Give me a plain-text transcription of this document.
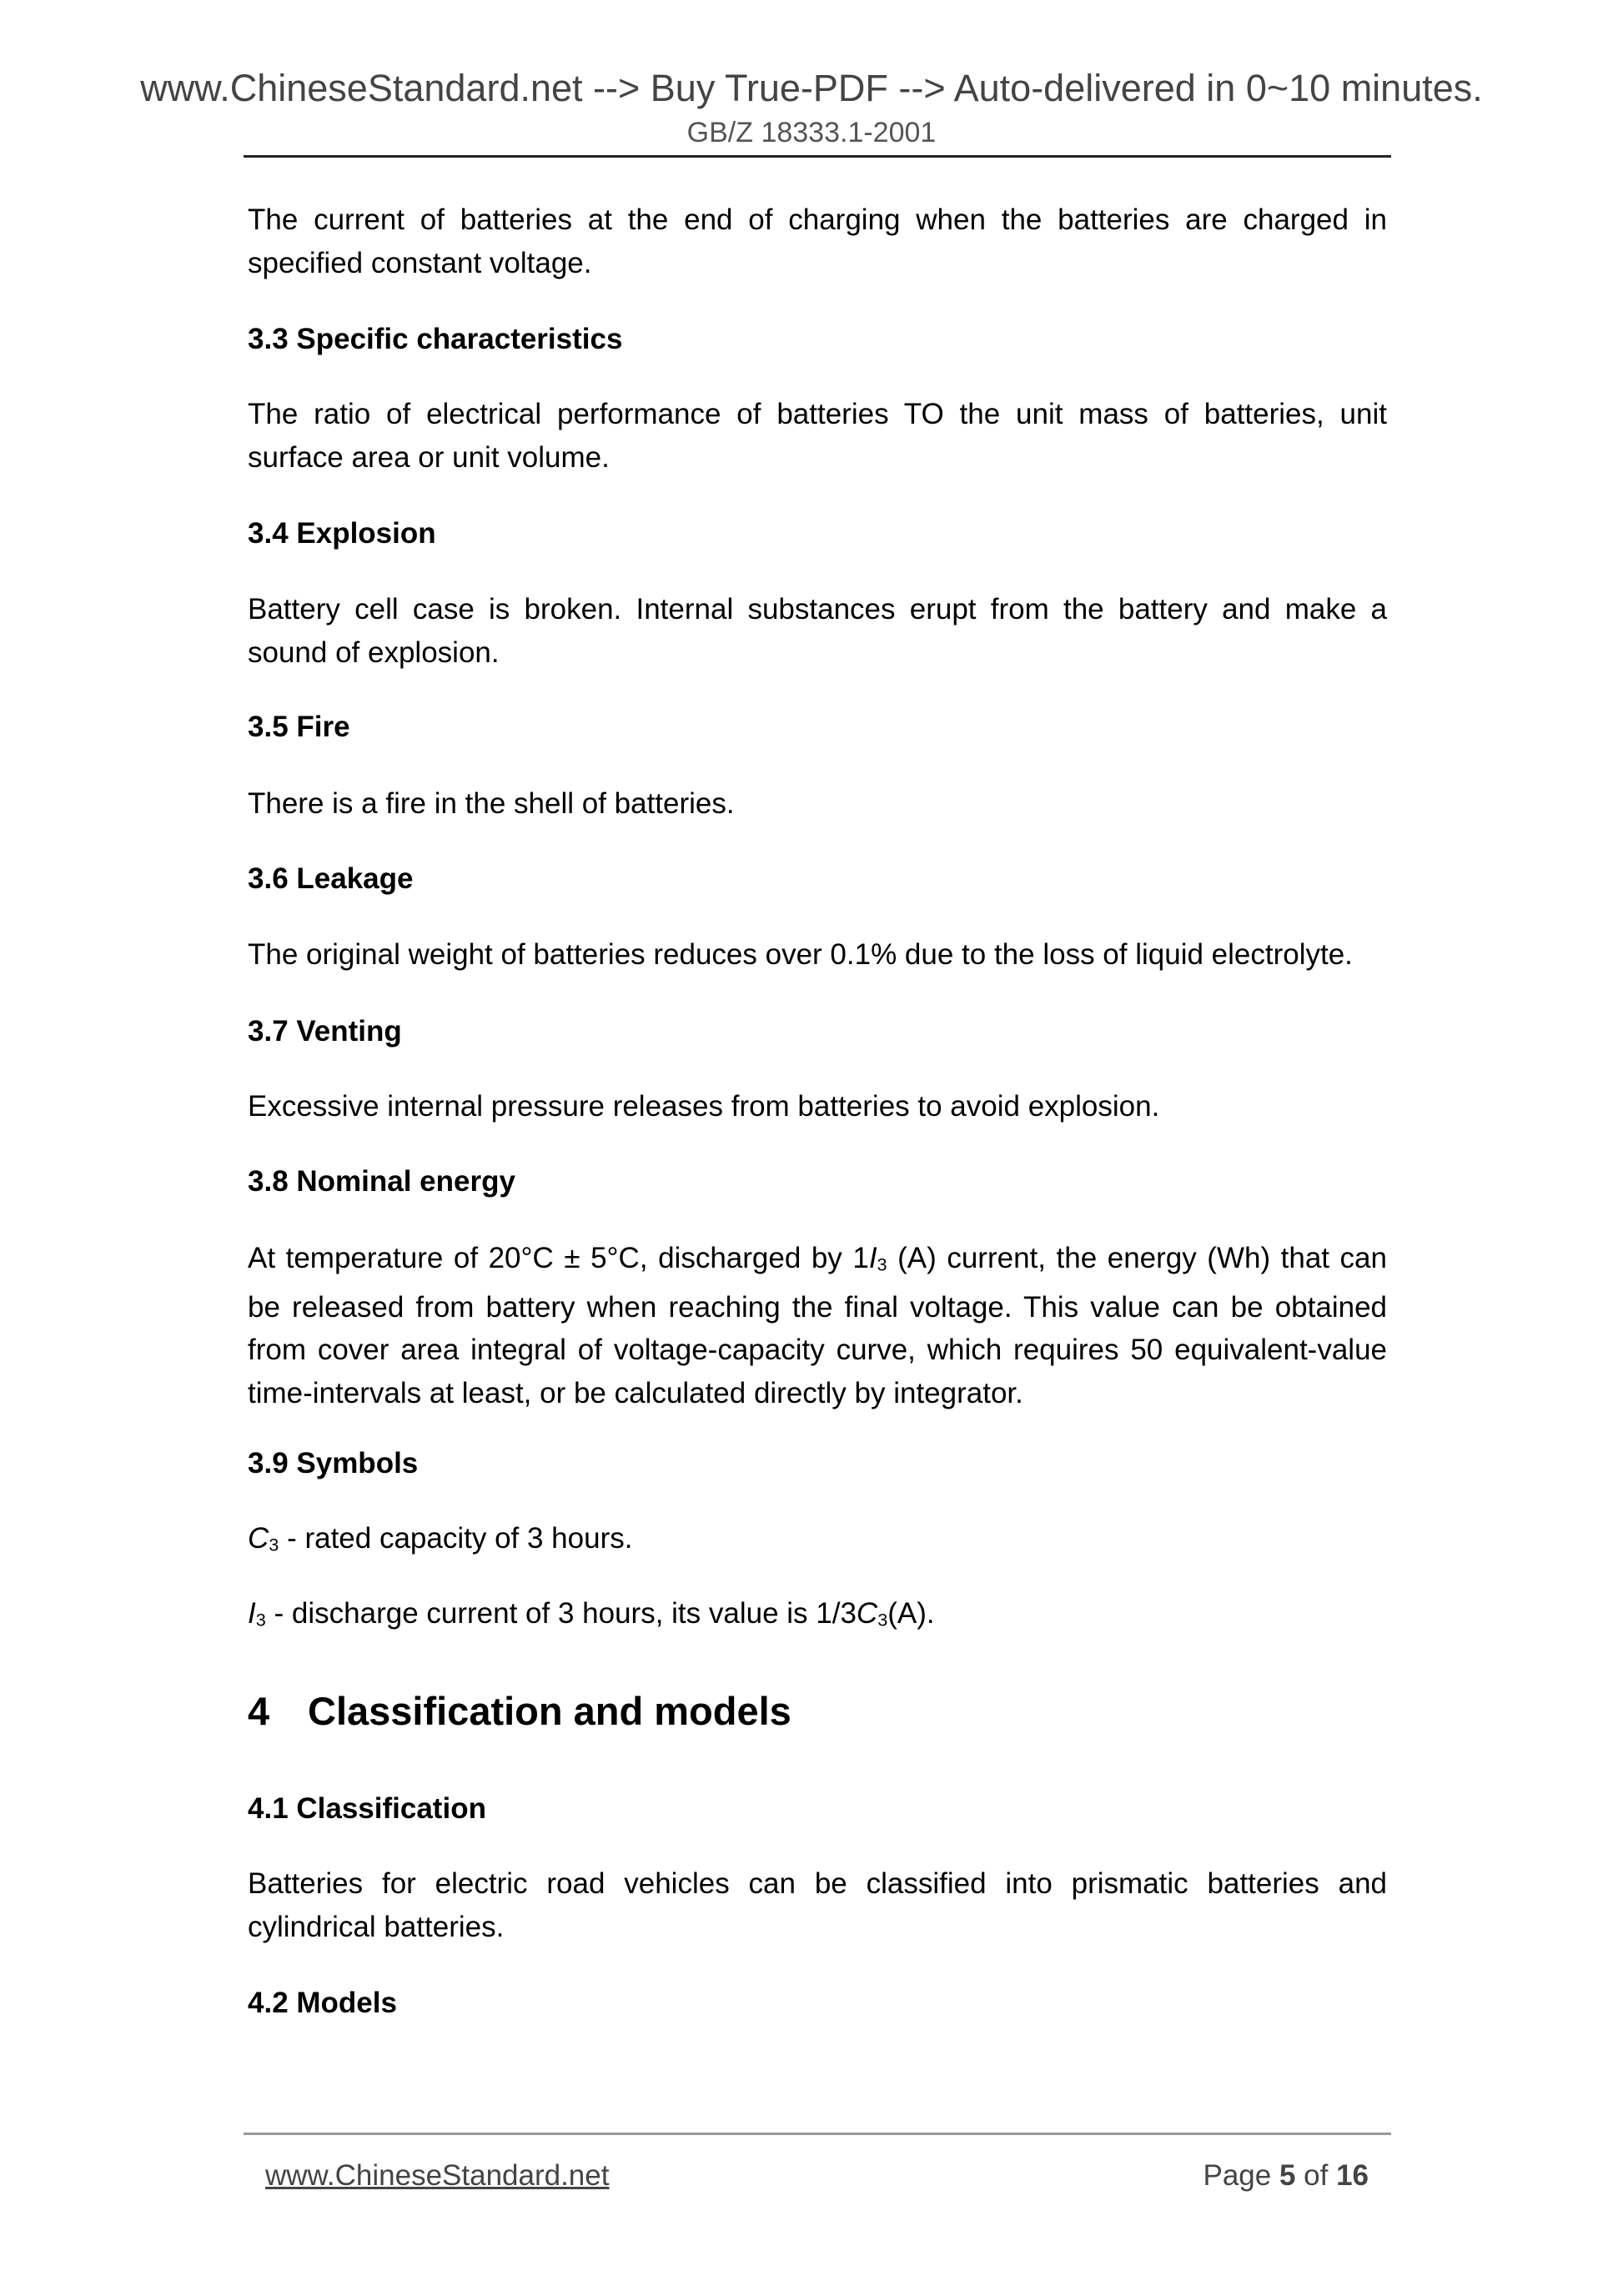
www.ChineseStandard.net --> Buy True-PDF --> Auto-delivered in 0~10 minutes.
GB/Z 18333.1-2001
The current of batteries at the end of charging when the batteries are charged in specified constant voltage.
3.3 Specific characteristics
The ratio of electrical performance of batteries TO the unit mass of batteries, unit surface area or unit volume.
3.4 Explosion
Battery cell case is broken. Internal substances erupt from the battery and make a sound of explosion.
3.5 Fire
There is a fire in the shell of batteries.
3.6 Leakage
The original weight of batteries reduces over 0.1% due to the loss of liquid electrolyte.
3.7 Venting
Excessive internal pressure releases from batteries to avoid explosion.
3.8 Nominal energy
At temperature of 20°C ± 5°C, discharged by $1I_3$ (A) current, the energy (Wh) that can be released from battery when reaching the final voltage. This value can be obtained from cover area integral of voltage-capacity curve, which requires 50 equivalent-value time-intervals at least, or be calculated directly by integrator.
3.9 Symbols
$C_3$ - rated capacity of 3 hours.
$I_3$ - discharge current of 3 hours, its value is $1/3C_3(A)$.
4 Classification and models
4.1 Classification
Batteries for electric road vehicles can be classified into prismatic batteries and cylindrical batteries.
4.2 Models
www.ChineseStandard.net	Page 5 of 16
